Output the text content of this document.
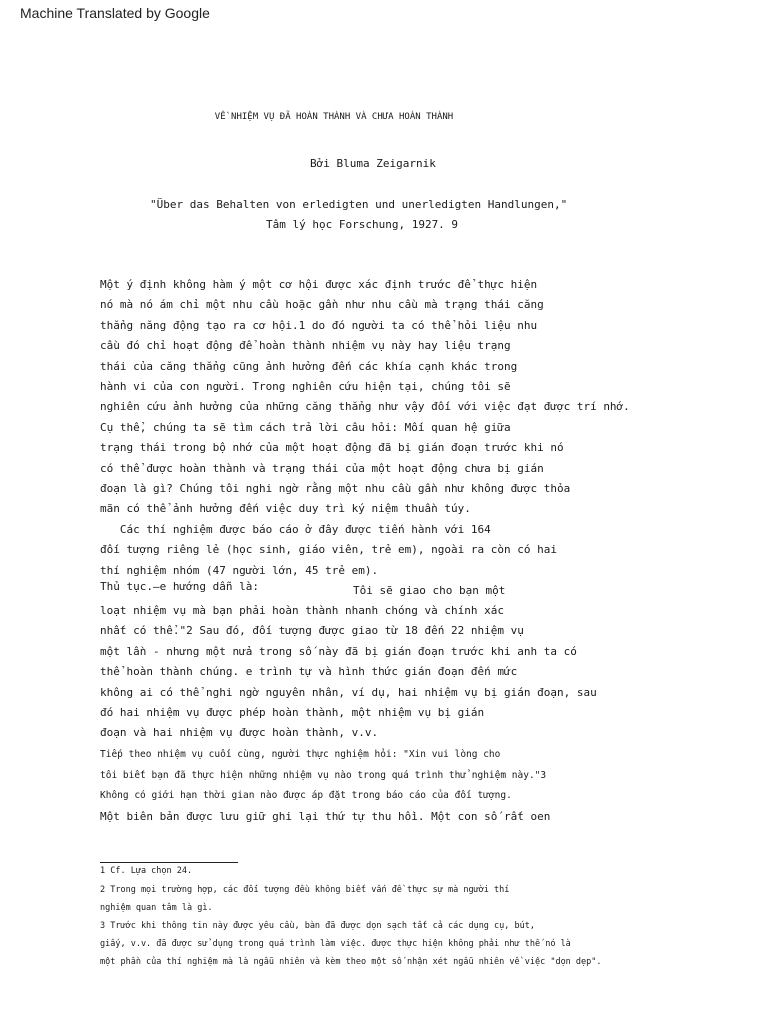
Machine Translated by Google
VỀ NHIỆM VỤ ĐÃ HOÀN THÀNH VÀ CHƯA HOÀN THÀNH
Bởi Bluma Zeigarnik
"Über das Behalten von erledigten und unerledigten Handlungen,"
Tâm lý học Forschung, 1927. 9
Một ý định không hàm ý một cơ hội được xác định trước để thực hiện
nó mà nó ám chỉ một nhu cầu hoặc gần như nhu cầu mà trạng thái căng
thẳng năng động tạo ra cơ hội.1 do đó người ta có thể hỏi liệu nhu
cầu đó chỉ hoạt động để hoàn thành nhiệm vụ này hay liệu trạng
thái của căng thẳng cũng ảnh hưởng đến các khía cạnh khác trong
hành vi của con người. Trong nghiên cứu hiện tại, chúng tôi sẽ
nghiên cứu ảnh hưởng của những căng thẳng như vậy đối với việc đạt được trí nhớ.
Cụ thể, chúng ta sẽ tìm cách trả lời câu hỏi: Mối quan hệ giữa
trạng thái trong bộ nhớ của một hoạt động đã bị gián đoạn trước khi nó
có thể được hoàn thành và trạng thái của một hoạt động chưa bị gián
đoạn là gì? Chúng tôi nghi ngờ rằng một nhu cầu gần như không được thỏa
mãn có thể ảnh hưởng đến việc duy trì ký niệm thuần túy.
Các thí nghiệm được báo cáo ở đây được tiến hành với 164
đối tượng riêng lẻ (học sinh, giáo viên, trẻ em), ngoài ra còn có hai
thí nghiệm nhóm (47 người lớn, 45 trẻ em).
Thủ tục.—e hướng dẫn là:	Tôi sẽ giao cho bạn một
loạt nhiệm vụ mà bạn phải hoàn thành nhanh chóng và chính xác
nhất có thể."2 Sau đó, đối tượng được giao từ 18 đến 22 nhiệm vụ
một lần - nhưng một nửa trong số này đã bị gián đoạn trước khi anh ta có
thể hoàn thành chúng. e trình tự và hình thức gián đoạn đến mức
không ai có thể nghi ngờ nguyên nhân, ví dụ, hai nhiệm vụ bị gián đoạn, sau
đó hai nhiệm vụ được phép hoàn thành, một nhiệm vụ bị gián
đoạn và hai nhiệm vụ được hoàn thành, v.v.
Tiếp theo nhiệm vụ cuối cùng, người thực nghiệm hỏi: "Xin vui lòng cho
tôi biết bạn đã thực hiện những nhiệm vụ nào trong quá trình thử nghiệm này."3
Không có giới hạn thời gian nào được áp đặt trong báo cáo của đối tượng.
Một biên bản được lưu giữ ghi lại thứ tự thu hồi. Một con số rất oen
1 Cf. Lựa chọn 24.
2 Trong mọi trường hợp, các đối tượng đều không biết vấn đề thực sự mà người thí
nghiệm quan tâm là gì.
3 Trước khi thông tin này được yêu cầu, bàn đã được dọn sạch tất cả các dụng cụ, bút,
giấy, v.v. đã được sử dụng trong quá trình làm việc. được thực hiện không phải như thế nó là
một phần của thí nghiệm mà là ngẫu nhiên và kèm theo một số nhận xét ngẫu nhiên về việc "dọn dẹp".
